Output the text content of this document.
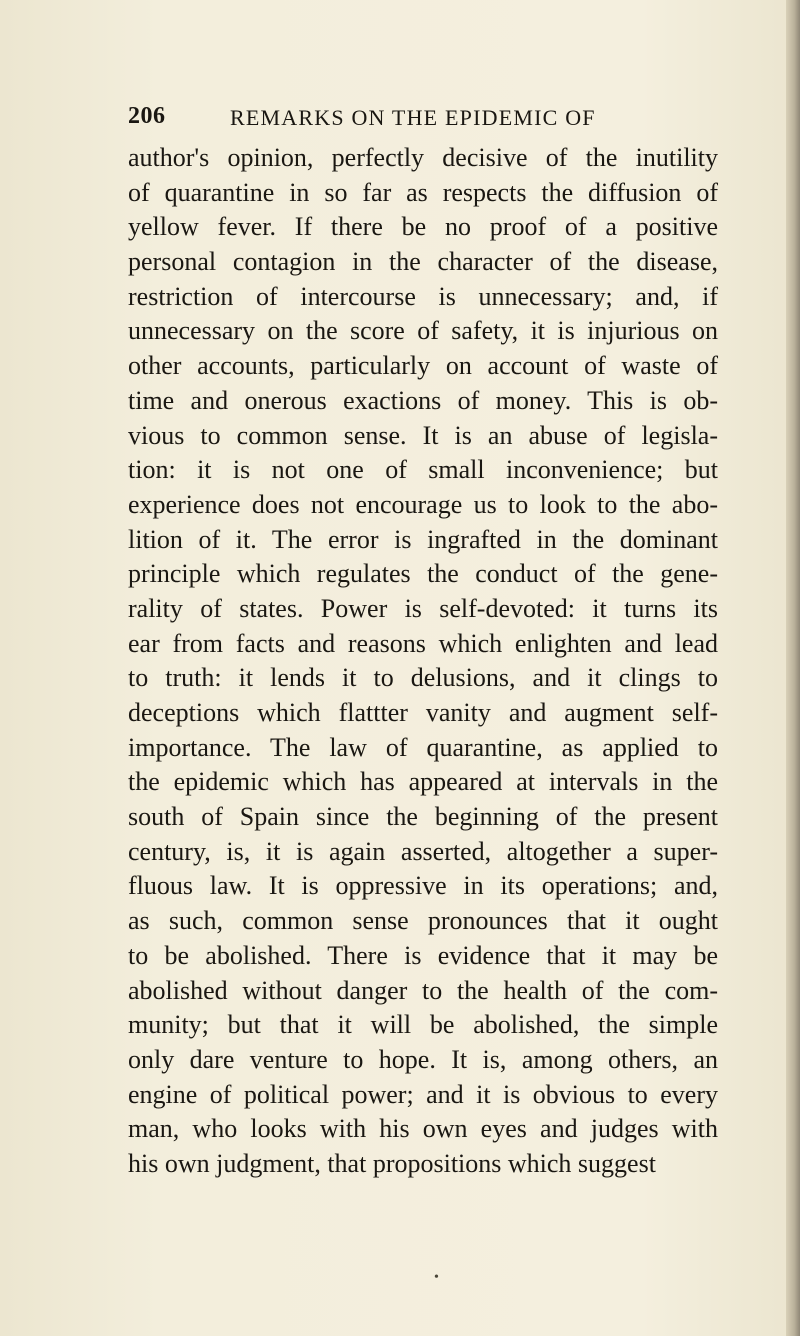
206	REMARKS ON THE EPIDEMIC OF
author's opinion, perfectly decisive of the inutility
of quarantine in so far as respects the diffusion of
yellow fever. If there be no proof of a positive
personal contagion in the character of the disease,
restriction of intercourse is unnecessary; and, if
unnecessary on the score of safety, it is injurious on
other accounts, particularly on account of waste of
time and onerous exactions of money. This is ob-
vious to common sense. It is an abuse of legisla-
tion: it is not one of small inconvenience; but
experience does not encourage us to look to the abo-
lition of it. The error is ingrafted in the dominant
principle which regulates the conduct of the gene-
rality of states. Power is self-devoted: it turns its
ear from facts and reasons which enlighten and lead
to truth: it lends it to delusions, and it clings to
deceptions which flattter vanity and augment self-
importance. The law of quarantine, as applied to
the epidemic which has appeared at intervals in the
south of Spain since the beginning of the present
century, is, it is again asserted, altogether a super-
fluous law. It is oppressive in its operations; and,
as such, common sense pronounces that it ought
to be abolished. There is evidence that it may be
abolished without danger to the health of the com-
munity; but that it will be abolished, the simple
only dare venture to hope. It is, among others, an
engine of political power; and it is obvious to every
man, who looks with his own eyes and judges with
his own judgment, that propositions which suggest
•
